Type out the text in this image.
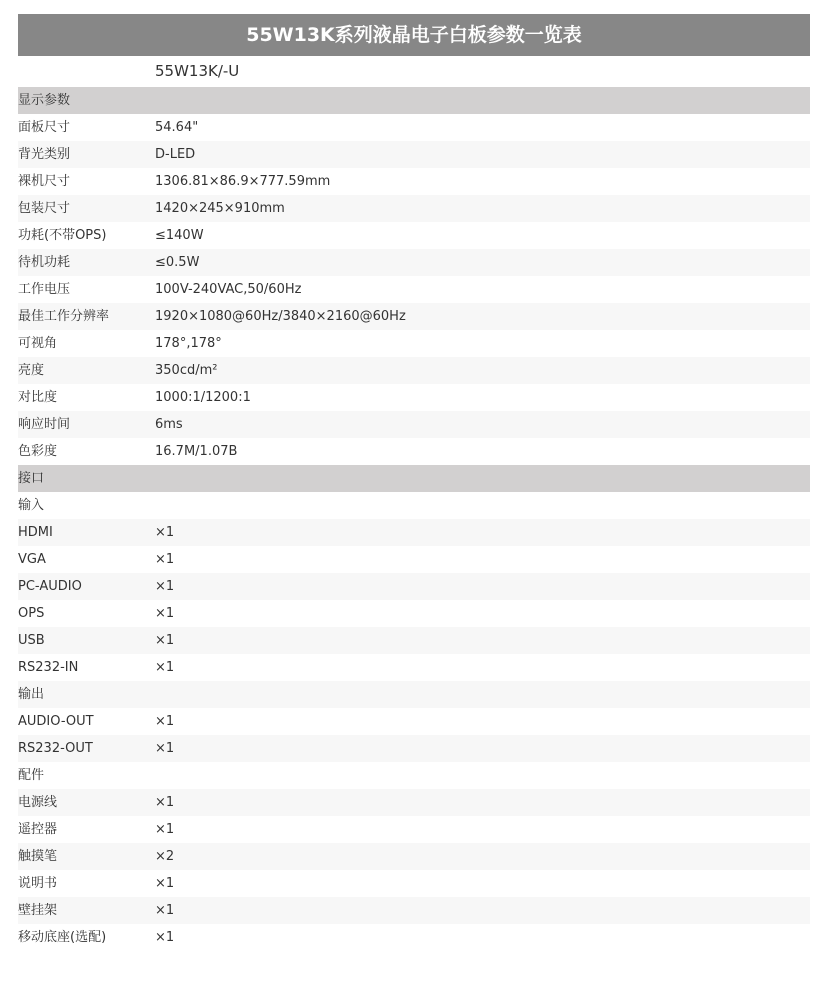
55W13K系列液晶电子白板参数一览表
55W13K/-U
显示参数
面板尺寸	54.64"
背光类别	D-LED
裸机尺寸	1306.81×86.9×777.59mm
包装尺寸	1420×245×910mm
功耗(不带OPS)	≤140W
待机功耗	≤0.5W
工作电压	100V-240VAC,50/60Hz
最佳工作分辨率	1920×1080@60Hz/3840×2160@60Hz
可视角	178°,178°
亮度	350cd/m²
对比度	1000:1/1200:1
响应时间	6ms
色彩度	16.7M/1.07B
接口
输入
HDMI	×1
VGA	×1
PC-AUDIO	×1
OPS	×1
USB	×1
RS232-IN	×1
输出
AUDIO-OUT	×1
RS232-OUT	×1
配件
电源线	×1
遥控器	×1
触摸笔	×2
说明书	×1
壁挂架	×1
移动底座(选配)	×1
